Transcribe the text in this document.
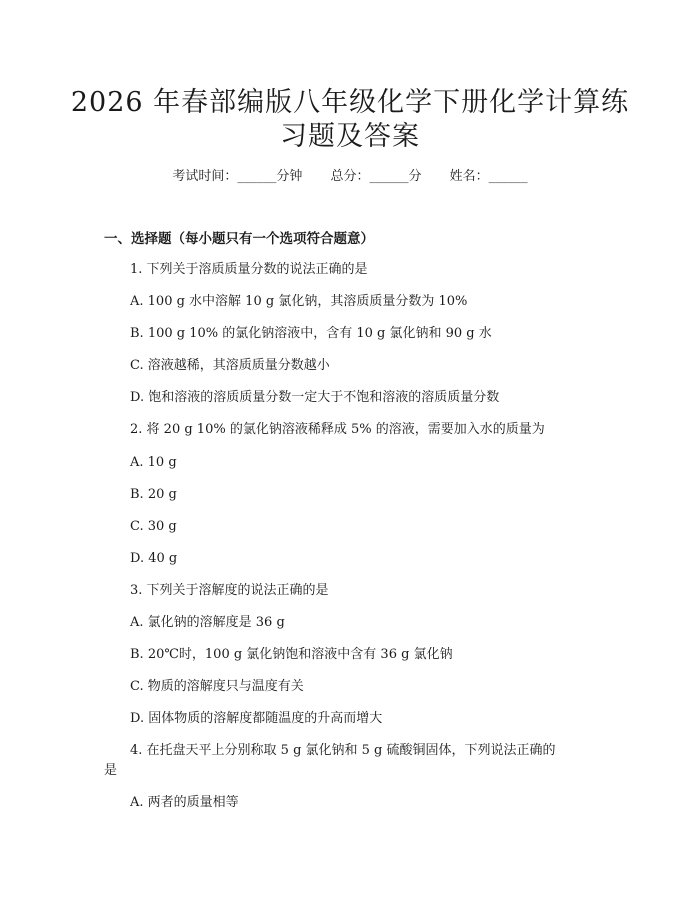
2026 年春部编版八年级化学下册化学计算练
习题及答案
考试时间：______分钟 总分：______分 姓名：______
一、选择题（每小题只有一个选项符合题意）
1. 下列关于溶质质量分数的说法正确的是
A. 100 g 水中溶解 10 g 氯化钠，其溶质质量分数为 10%
B. 100 g 10% 的氯化钠溶液中，含有 10 g 氯化钠和 90 g 水
C. 溶液越稀，其溶质质量分数越小
D. 饱和溶液的溶质质量分数一定大于不饱和溶液的溶质质量分数
2. 将 20 g 10% 的氯化钠溶液稀释成 5% 的溶液，需要加入水的质量为
A. 10 g
B. 20 g
C. 30 g
D. 40 g
3. 下列关于溶解度的说法正确的是
A. 氯化钠的溶解度是 36 g
B. 20℃时，100 g 氯化钠饱和溶液中含有 36 g 氯化钠
C. 物质的溶解度只与温度有关
D. 固体物质的溶解度都随温度的升高而增大
4. 在托盘天平上分别称取 5 g 氯化钠和 5 g 硫酸铜固体，下列说法正确的
是
A. 两者的质量相等
